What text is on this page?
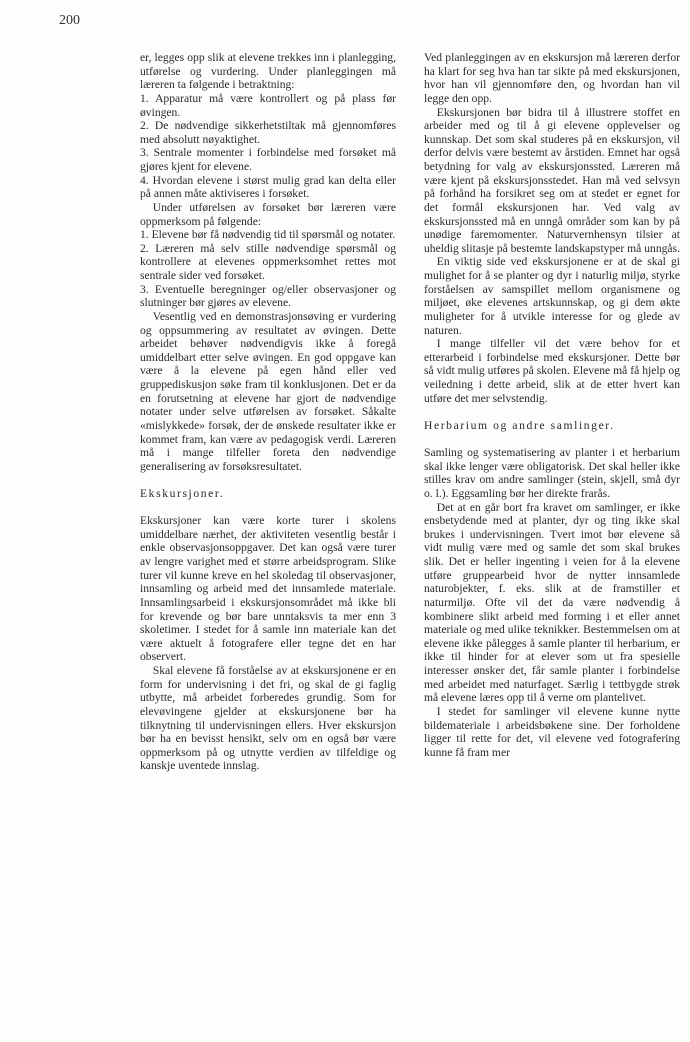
200

er, legges opp slik at elevene trekkes inn i planlegging, utførelse og vurdering. Under planleggingen må læreren ta følgende i betraktning:

1. Apparatur må være kontrollert og på plass før øvingen.

2. De nødvendige sikkerhetstiltak må gjennomføres med absolutt nøyaktighet.

3. Sentrale momenter i forbindelse med forsøket må gjøres kjent for elevene.

4. Hvordan elevene i størst mulig grad kan delta eller på annen måte aktiviseres i forsøket.

Under utførelsen av forsøket bør læreren være oppmerksom på følgende:

1. Elevene bør få nødvendig tid til spørsmål og notater.

2. Læreren må selv stille nødvendige spørsmål og kontrollere at elevenes oppmerksomhet rettes mot sentrale sider ved forsøket.

3. Eventuelle beregninger og/eller observasjoner og slutninger bør gjøres av elevene.

Vesentlig ved en demonstrasjonsøving er vurdering og oppsummering av resultatet av øvingen. Dette arbeidet behøver nødvendigvis ikke å foregå umiddelbart etter selve øvingen. En god oppgave kan være å la elevene på egen hånd eller ved gruppediskusjon søke fram til konklusjonen. Det er da en forutsetning at elevene har gjort de nødvendige notater under selve utførelsen av forsøket. Såkalte «mislykkede» forsøk, der de ønskede resultater ikke er kommet fram, kan være av pedagogisk verdi. Læreren må i mange tilfeller foreta den nødvendige generalisering av forsøksresultatet.

Ekskursjoner.

Ekskursjoner kan være korte turer i skolens umiddelbare nærhet, der aktiviteten vesentlig består i enkle observasjonsoppgaver. Det kan også være turer av lengre varighet med et større arbeidsprogram. Slike turer vil kunne kreve en hel skoledag til observasjoner, innsamling og arbeid med det innsamlede materiale. Innsamlingsarbeid i ekskursjonsområdet må ikke bli for krevende og bør bare unntaksvis ta mer enn 3 skoletimer. I stedet for å samle inn materiale kan det være aktuelt å fotografere eller tegne det en har observert.

Skal elevene få forståelse av at ekskursjonene er en form for undervisning i det fri, og skal de gi faglig utbytte, må arbeidet forberedes grundig. Som for elevøvingene gjelder at ekskursjonene bør ha tilknytning til undervisningen ellers. Hver ekskursjon bør ha en bevisst hensikt, selv om en også bør være oppmerksom på og utnytte verdien av tilfeldige og kanskje uventede innslag.

Ved planleggingen av en ekskursjon må læreren derfor ha klart for seg hva han tar sikte på med ekskursjonen, hvor han vil gjennomføre den, og hvordan han vil legge den opp.

Ekskursjonen bør bidra til å illustrere stoffet en arbeider med og til å gi elevene opplevelser og kunnskap. Det som skal studeres på en ekskursjon, vil derfor delvis være bestemt av årstiden. Emnet har også betydning for valg av ekskursjonssted. Læreren må være kjent på ekskursjonsstedet. Han må ved selvsyn på forhånd ha forsikret seg om at stedet er egnet for det formål ekskursjonen har. Ved valg av ekskursjonssted må en unngå områder som kan by på unødige faremomenter. Naturvernhensyn tilsier at uheldig slitasje på bestemte landskapstyper må unngås.

En viktig side ved ekskursjonene er at de skal gi mulighet for å se planter og dyr i naturlig miljø, styrke forståelsen av samspillet mellom organismene og miljøet, øke elevenes artskunnskap, og gi dem økte muligheter for å utvikle interesse for og glede av naturen.

I mange tilfeller vil det være behov for et etterarbeid i forbindelse med ekskursjoner. Dette bør så vidt mulig utføres på skolen. Elevene må få hjelp og veiledning i dette arbeid, slik at de etter hvert kan utføre det mer selvstendig.

Herbarium og andre samlinger.

Samling og systematisering av planter i et herbarium skal ikke lenger være obligatorisk. Det skal heller ikke stilles krav om andre samlinger (stein, skjell, små dyr o. l.). Eggsamling bør her direkte frarås.

Det at en går bort fra kravet om samlinger, er ikke ensbetydende med at planter, dyr og ting ikke skal brukes i undervisningen. Tvert imot bør elevene så vidt mulig være med og samle det som skal brukes slik. Det er heller ingenting i veien for å la elevene utføre gruppearbeid hvor de nytter innsamlede naturobjekter, f. eks. slik at de framstiller et naturmiljø. Ofte vil det da være nødvendig å kombinere slikt arbeid med forming i et eller annet materiale og med ulike teknikker. Bestemmelsen om at elevene ikke pålegges å samle planter til herbarium, er ikke til hinder for at elever som ut fra spesielle interesser ønsker det, får samle planter i forbindelse med arbeidet med naturfaget. Særlig i tettbygde strøk må elevene læres opp til å verne om plantelivet.

I stedet for samlinger vil elevene kunne nytte bildemateriale i arbeidsbøkene sine. Der forholdene ligger til rette for det, vil elevene ved fotografering kunne få fram mer
